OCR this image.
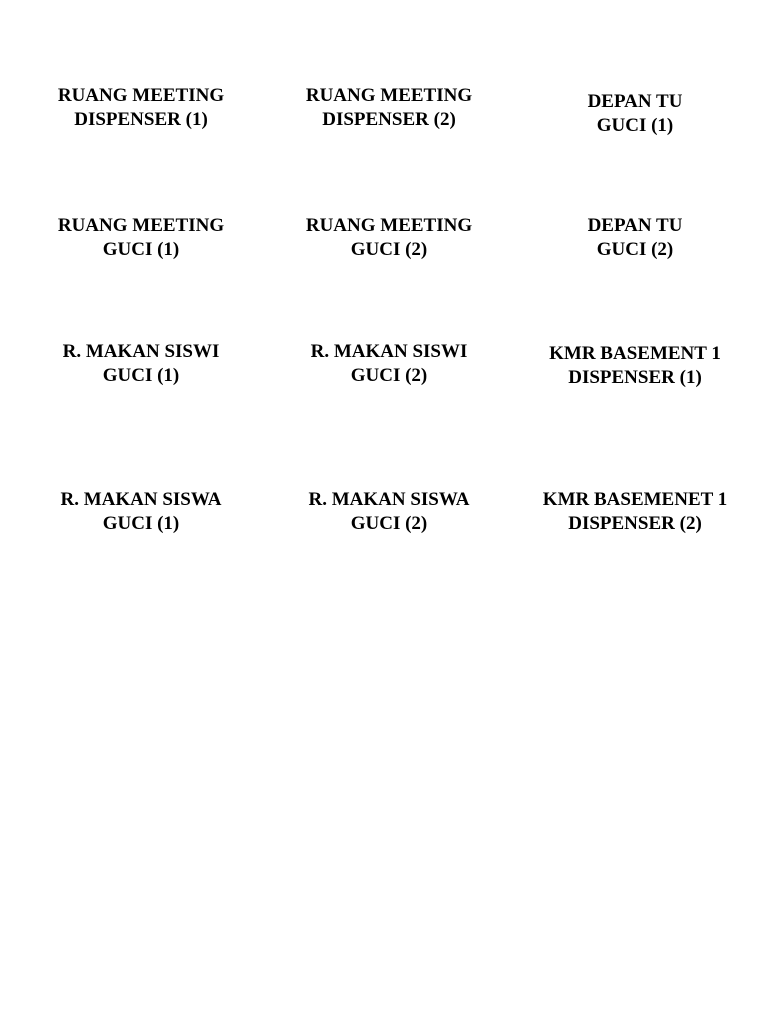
RUANG MEETING
DISPENSER (1)
RUANG MEETING
DISPENSER (2)
DEPAN TU
GUCI (1)
RUANG MEETING
GUCI (1)
RUANG MEETING
GUCI (2)
DEPAN TU
GUCI (2)
R. MAKAN SISWI
GUCI (1)
R. MAKAN SISWI
GUCI (2)
KMR BASEMENT 1
DISPENSER (1)
R. MAKAN SISWA
GUCI (1)
R. MAKAN SISWA
GUCI (2)
KMR BASEMENET 1
DISPENSER (2)
